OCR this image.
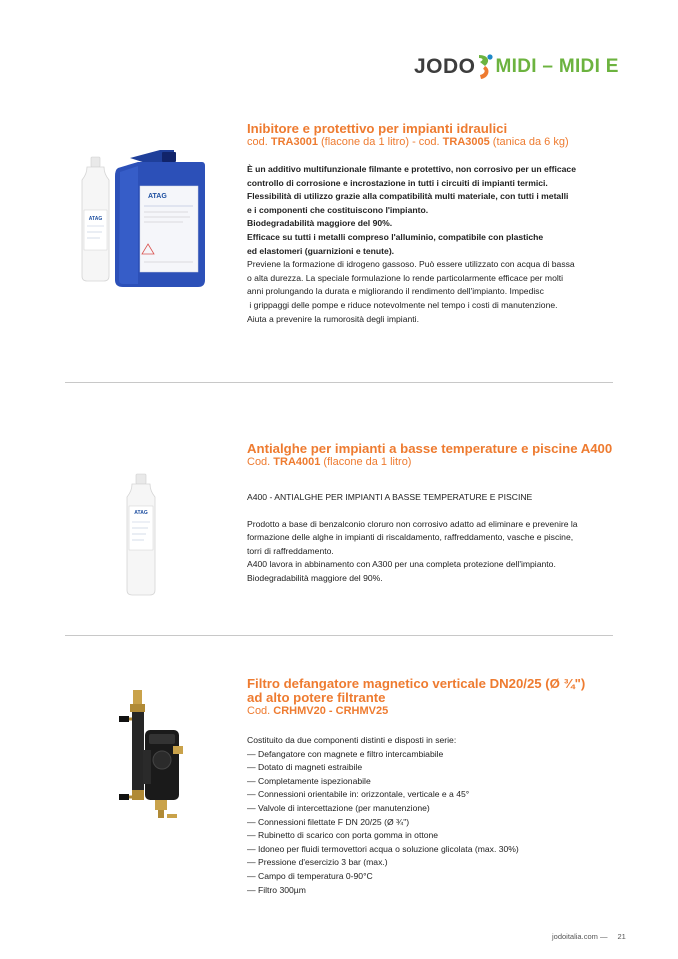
JODO MIDI – MIDI E
ATAG
ATAG
Inibitore e protettivo per impianti idraulici
cod. TRA3001 (flacone da 1 litro) - cod. TRA3005 (tanica da 6 kg)

È un additivo multifunzionale filmante e protettivo, non corrosivo per un efficace

controllo di corrosione e incrostazione in tutti i circuiti di impianti termici.

Flessibilità di utilizzo grazie alla compatibilità multi materiale, con tutti i metalli

e i componenti che costituiscono l'impianto.

Biodegradabilità maggiore del 90%.

Efficace su tutti i metalli compreso l'alluminio, compatibile con plastiche

ed elastomeri (guarnizioni e tenute).

Previene la formazione di idrogeno gassoso. Può essere utilizzato con acqua di bassa

o alta durezza. La speciale formulazione lo rende particolarmente efficace per molti

anni prolungando la durata e migliorando il rendimento dell'impianto. Impedisc

i grippaggi delle pompe e riduce notevolmente nel tempo i costi di manutenzione.

Aiuta a prevenire la rumorosità degli impianti.

ATAG
Antialghe per impianti a basse temperature e piscine A400
Cod. TRA4001 (flacone da 1 litro)

A400 - ANTIALGHE PER IMPIANTI A BASSE TEMPERATURE E PISCINE

Prodotto a base di benzalconio cloruro non corrosivo adatto ad eliminare e prevenire la

formazione delle alghe in impianti di riscaldamento, raffreddamento, vasche e piscine,

torri di raffreddamento.

A400 lavora in abbinamento con A300 per una completa protezione dell'impianto.

Biodegradabilità maggiore del 90%.

Filtro defangatore magnetico verticale DN20/25 (Ø ¾")
ad alto potere filtrante
Cod. CRHMV20 - CRHMV25

Costituito da due componenti distinti e disposti in serie:

— Defangatore con magnete e filtro intercambiabile
— Dotato di magneti estraibile
— Completamente ispezionabile
— Connessioni orientabile in: orizzontale, verticale e a 45°
— Valvole di intercettazione (per manutenzione)
— Connessioni filettate F DN 20/25 (Ø ¾")
— Rubinetto di scarico con porta gomma in ottone
— Idoneo per fluidi termovettori acqua o soluzione glicolata (max. 30%)
— Pressione d'esercizio 3 bar (max.)
— Campo di temperatura 0-90°C
— Filtro 300µm
jodoitalia.com — 21
